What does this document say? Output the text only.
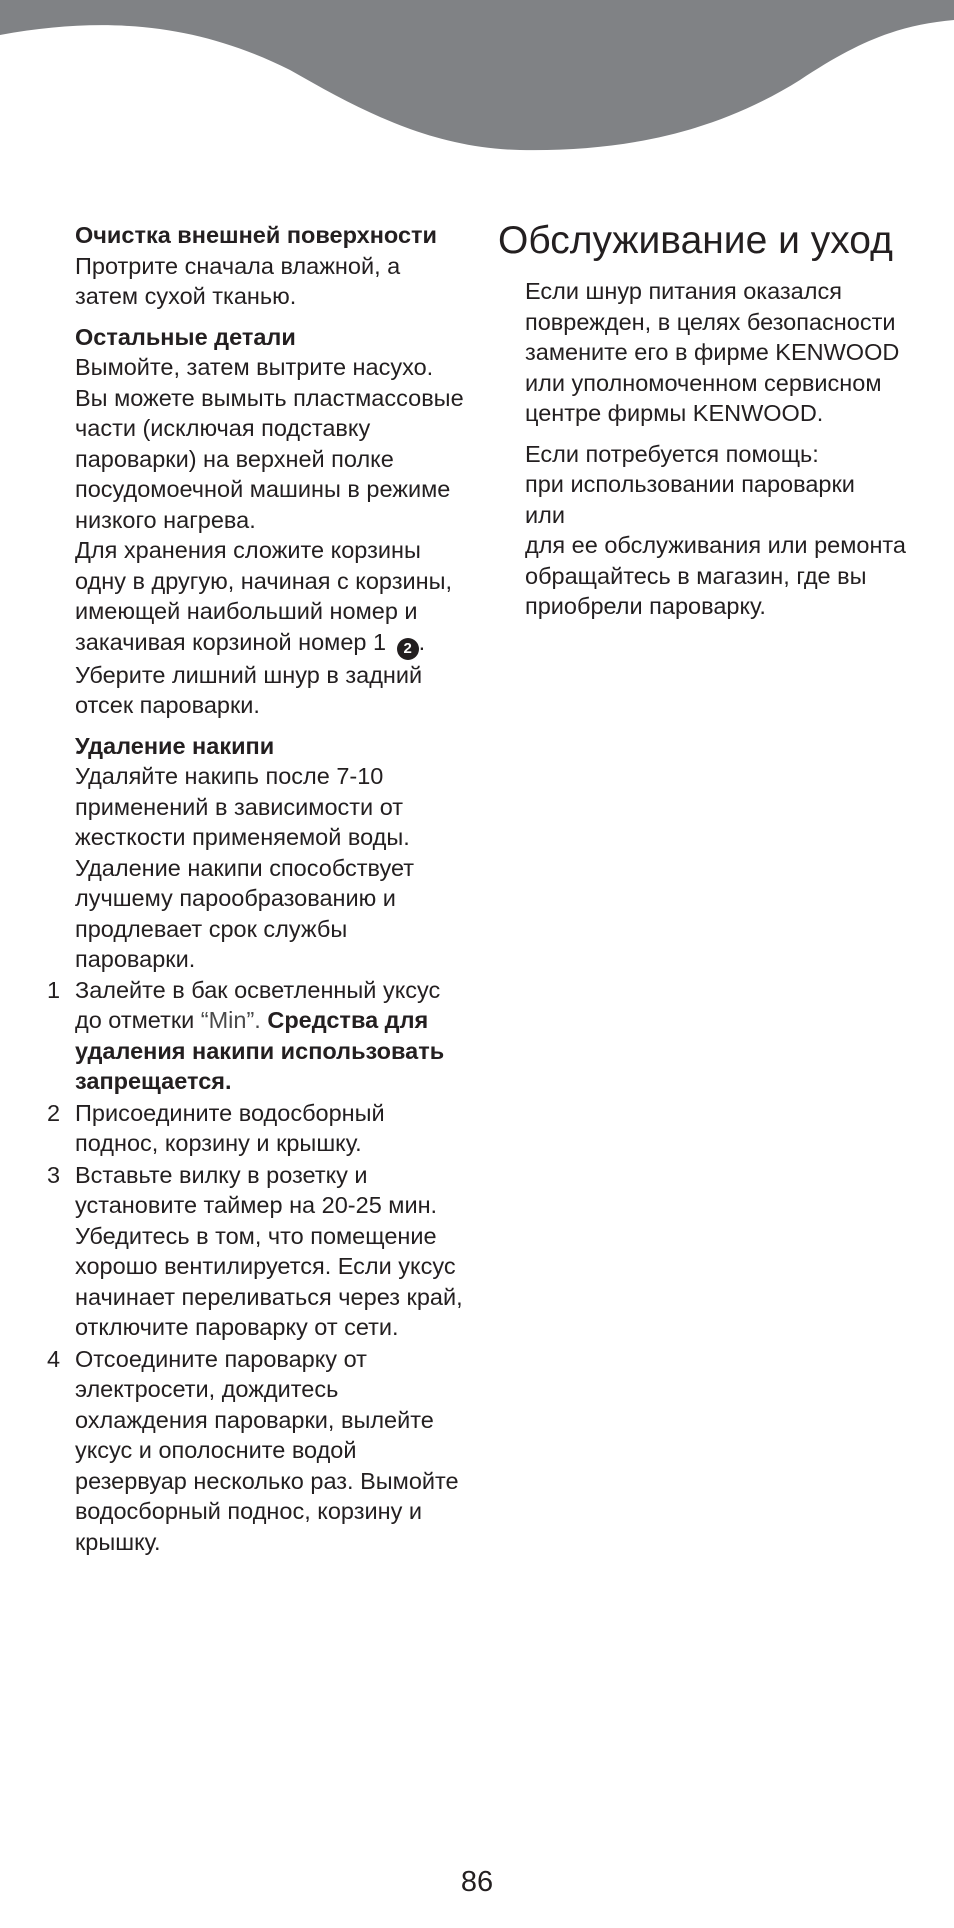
Очистка внешней поверхности

Протрите сначала влажной, а затем сухой тканью.

Остальные детали

Вымойте, затем вытрите насухо.

Вы можете вымыть пластмассовые части (исключая подставку пароварки) на верхней полке посудомоечной машины в режиме низкого нагрева.

Для хранения сложите корзины одну в другую, начиная с корзины, имеющей наибольший номер и закачивая корзиной номер 1 2 .

Уберите лишний шнур в задний отсек пароварки.

Удаление накипи

Удаляйте накипь после 7-10 применений в зависимости от жесткости применяемой воды.

Удаление накипи способствует лучшему парообразованию и продлевает срок службы пароварки.

1 Залейте в бак осветленный уксус до отметки “Min”. Средства для удаления накипи использовать запрещается.
2 Присоедините водосборный поднос, корзину и крышку.
3 Вставьте вилку в розетку и установите таймер на 20-25 мин. Убедитесь в том, что помещение хорошо вентилируется. Если уксус начинает переливаться через край, отключите пароварку от сети.
4 Отсоедините пароварку от электросети, дождитесь охлаждения пароварки, вылейте уксус и ополосните водой резервуар несколько раз. Вымойте водосборный поднос, корзину и крышку.
Обслуживание и уход

Если шнур питания оказался поврежден, в целях безопасности замените его в фирме KENWOOD или уполномоченном сервисном центре фирмы KENWOOD.

Если потребуется помощь:

при использовании пароварки

или

для ее обслуживания или ремонта

обращайтесь в магазин, где вы приобрели пароварку.

86
